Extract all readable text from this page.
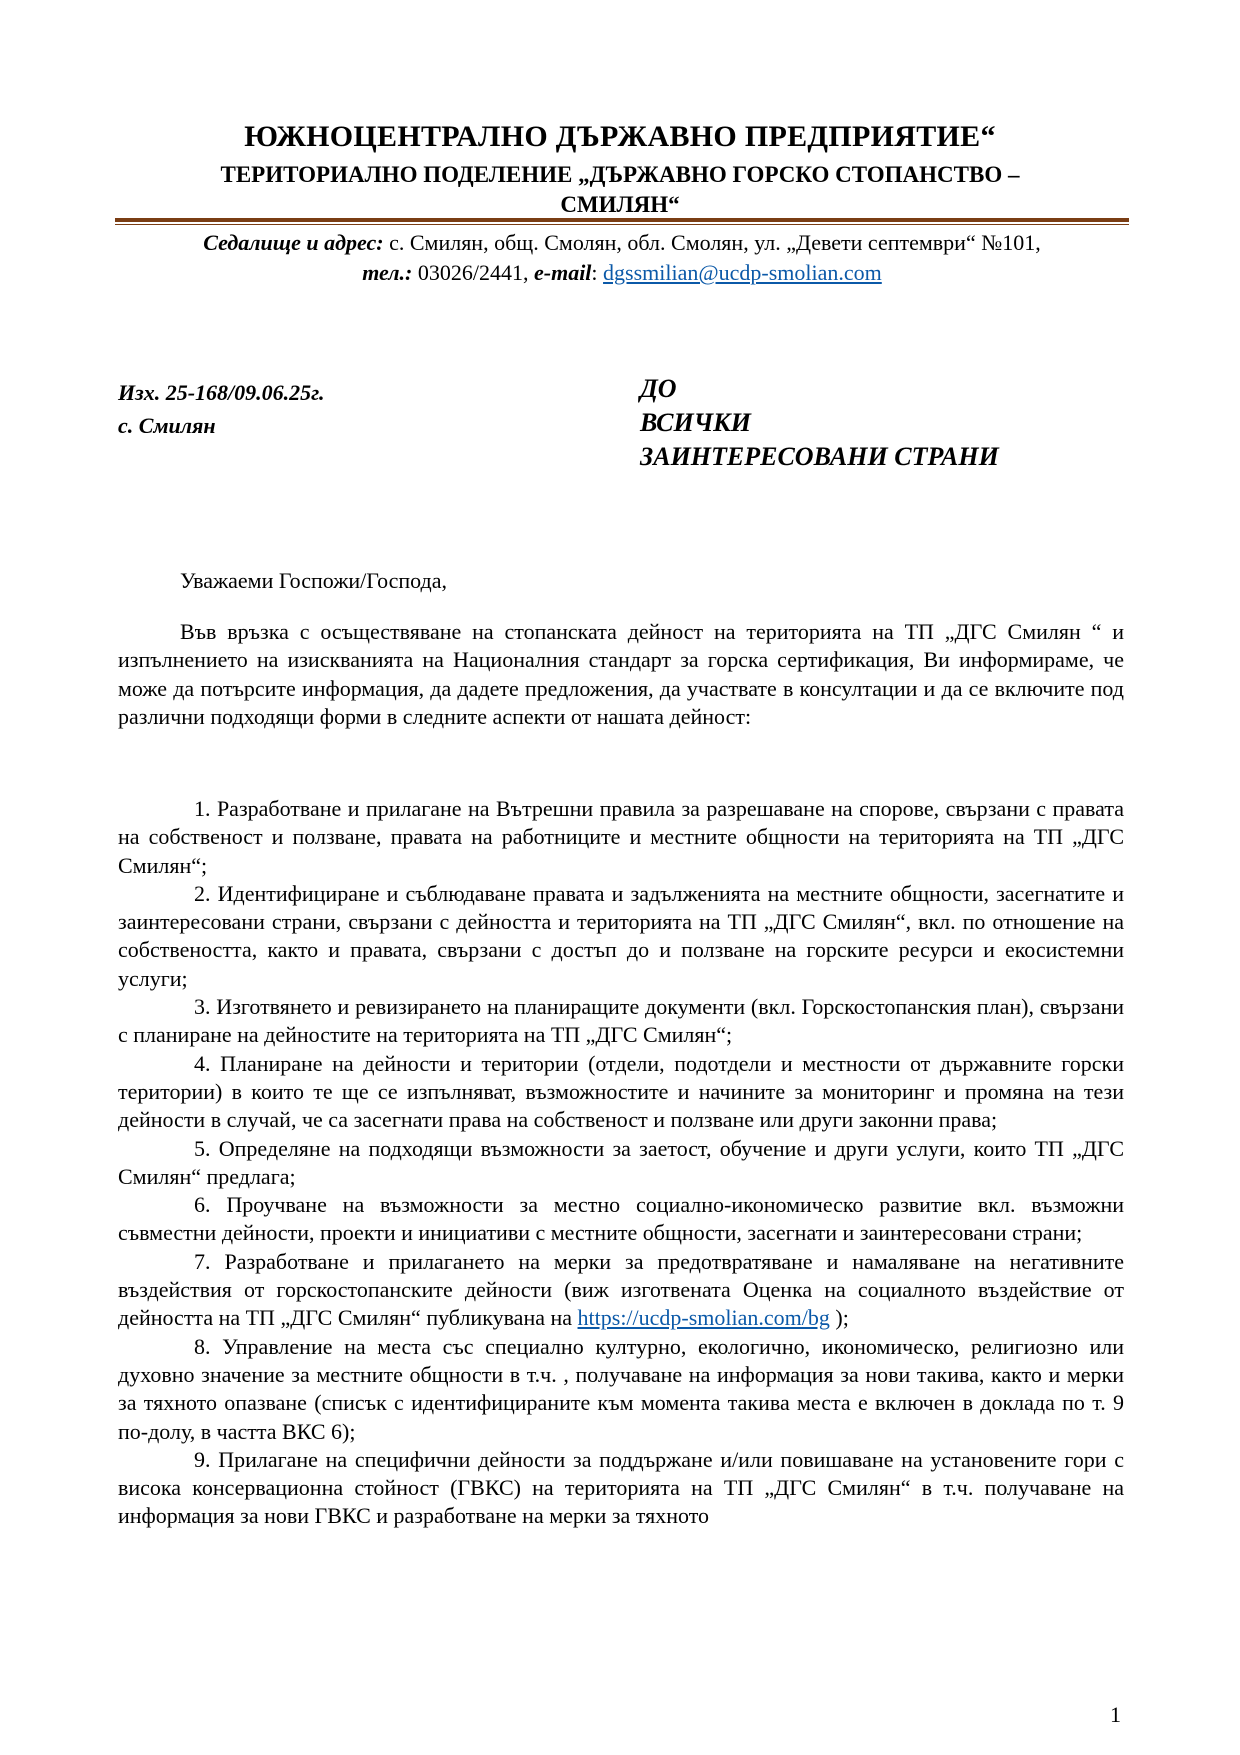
ЮЖНОЦЕНТРАЛНО ДЪРЖАВНО ПРЕДПРИЯТИЕ“
ТЕРИТОРИАЛНО ПОДЕЛЕНИЕ „ДЪРЖАВНО ГОРСКО СТОПАНСТВО –
СМИЛЯН“
Седалище и адрес: с. Смилян, общ. Смолян, обл. Смолян, ул. „Девети септември“ №101,
тел.: 03026/2441, e-mail: dgssmilian@ucdp-smolian.com
Изх. 25-168/09.06.25г.
с. Смилян
ДО
ВСИЧКИ
ЗАИНТЕРЕСОВАНИ СТРАНИ
Уважаеми Госпожи/Господа,
Във връзка с осъществяване на стопанската дейност на територията на ТП „ДГС Смилян “ и изпълнението на изискванията на Националния стандарт за горска сертификация, Ви информираме, че може да потърсите информация, да дадете предложения, да участвате в консултации и да се включите под различни подходящи форми в следните аспекти от нашата дейност:

1. Разработване и прилагане на Вътрешни правила за разрешаване на спорове, свързани с правата на собственост и ползване, правата на работниците и местните общности на територията на ТП „ДГС Смилян“;

2. Идентифициране и съблюдаване правата и задълженията на местните общности, засегнатите и заинтересовани страни, свързани с дейността и територията на ТП „ДГС Смилян“, вкл. по отношение на собствеността, както и правата, свързани с достъп до и ползване на горските ресурси и екосистемни услуги;

3. Изготвянето и ревизирането на планиращите документи (вкл. Горскостопанския план), свързани с планиране на дейностите на територията на ТП „ДГС Смилян“;

4. Планиране на дейности и територии (отдели, подотдели и местности от държавните горски територии) в които те ще се изпълняват, възможностите и начините за мониторинг и промяна на тези дейности в случай, че са засегнати права на собственост и ползване или други законни права;

5. Определяне на подходящи възможности за заетост, обучение и други услуги, които ТП „ДГС Смилян“ предлага;

6. Проучване на възможности за местно социално-икономическо развитие вкл. възможни съвместни дейности, проекти и инициативи с местните общности, засегнати и заинтересовани страни;

7. Разработване и прилагането на мерки за предотвратяване и намаляване на негативните въздействия от горскостопанските дейности (виж изготвената Оценка на социалното въздействие от дейността на ТП „ДГС Смилян“ публикувана на https://ucdp-smolian.com/bg );

8. Управление на места със специално културно, екологично, икономическо, религиозно или духовно значение за местните общности в т.ч. , получаване на информация за нови такива, както и мерки за тяхното опазване (списък с идентифицираните към момента такива места е включен в доклада по т. 9 по-долу, в частта ВКС 6);

9. Прилагане на специфични дейности за поддържане и/или повишаване на установените гори с висока консервационна стойност (ГВКС) на територията на ТП „ДГС Смилян“ в т.ч. получаване на информация за нови ГВКС и разработване на мерки за тяхното

1
